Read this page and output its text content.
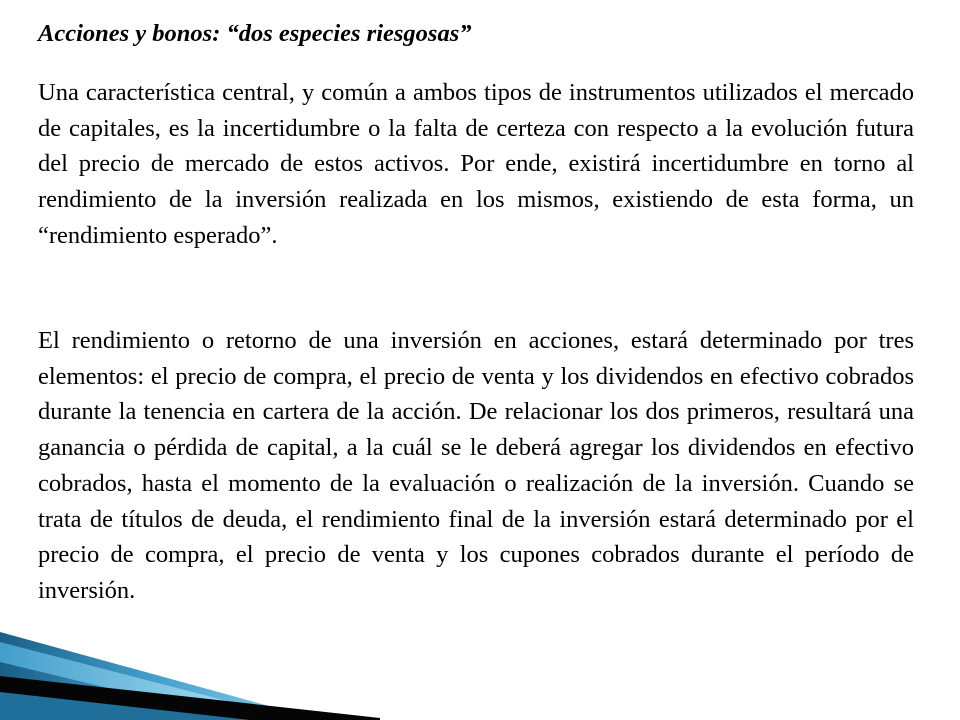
Acciones y bonos: “dos especies riesgosas”

Una característica central, y común a ambos tipos de instrumentos utilizados el mercado de capitales, es la incertidumbre o la falta de certeza con respecto a la evolución futura del precio de mercado de estos activos. Por ende, existirá incertidumbre en torno al rendimiento de la inversión realizada en los mismos, existiendo de esta forma, un “rendimiento esperado”.

El rendimiento o retorno de una inversión en acciones, estará determinado por tres elementos: el precio de compra, el precio de venta y los dividendos en efectivo cobrados durante la tenencia en cartera de la acción. De relacionar los dos primeros, resultará una ganancia o pérdida de capital, a la cuál se le deberá agregar los dividendos en efectivo cobrados, hasta el momento de la evaluación o realización de la inversión. Cuando se trata de títulos de deuda, el rendimiento final de la inversión estará determinado por el precio de compra, el precio de venta y los cupones cobrados durante el período de inversión.
